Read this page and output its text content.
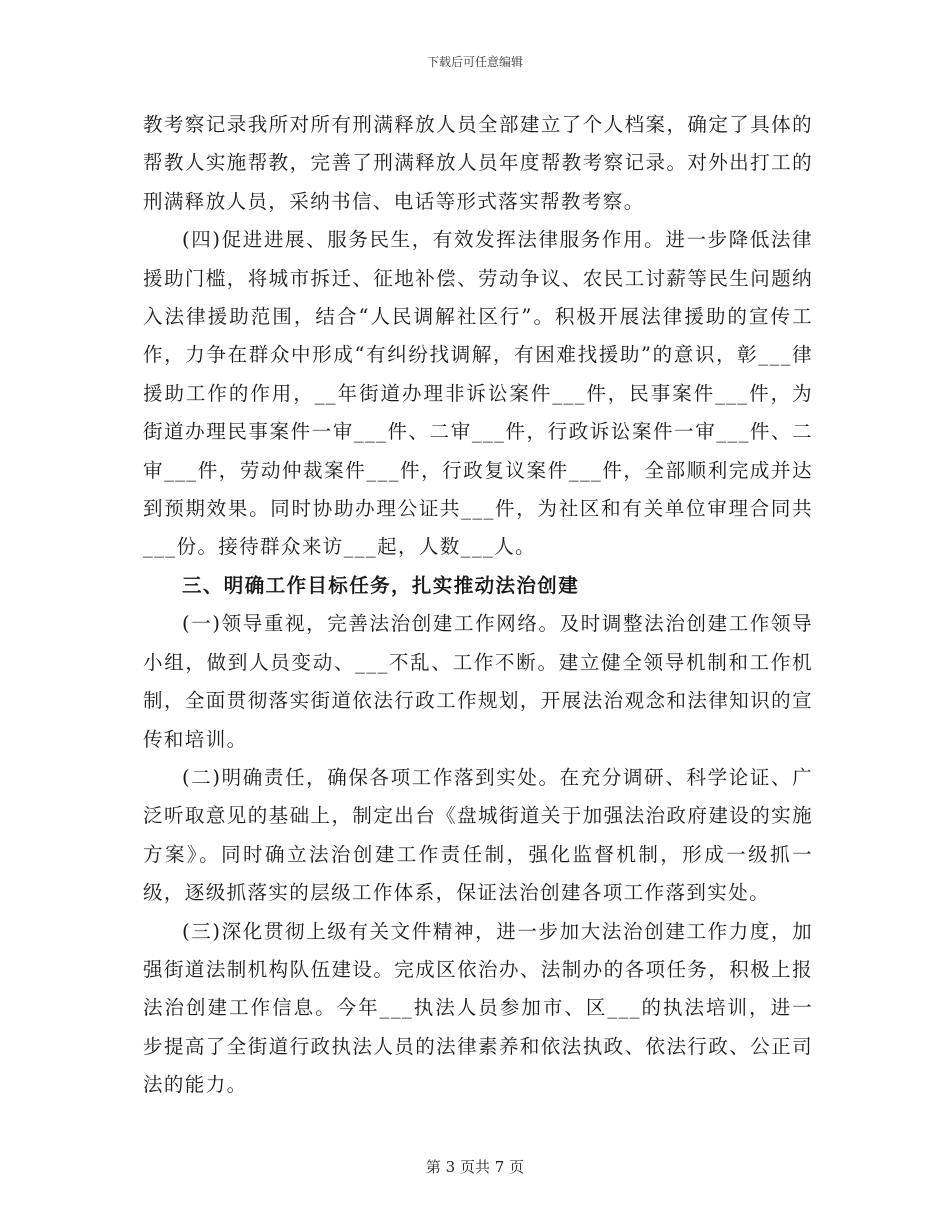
下载后可任意编辑

教考察记录我所对所有刑满释放人员全部建立了个人档案，确定了具体的帮教人实施帮教，完善了刑满释放人员年度帮教考察记录。对外出打工的刑满释放人员，采纳书信、电话等形式落实帮教考察。

(四)促进进展、服务民生，有效发挥法律服务作用。进一步降低法律援助门槛，将城市拆迁、征地补偿、劳动争议、农民工讨薪等民生问题纳入法律援助范围，结合“人民调解社区行”。积极开展法律援助的宣传工作，力争在群众中形成“有纠纷找调解，有困难找援助”的意识，彰___律援助工作的作用，__年街道办理非诉讼案件___件，民事案件___件，为街道办理民事案件一审___件、二审___件，行政诉讼案件一审___件、二审___件，劳动仲裁案件___件，行政复议案件___件，全部顺利完成并达到预期效果。同时协助办理公证共___件，为社区和有关单位审理合同共___份。接待群众来访___起，人数___人。

三、明确工作目标任务，扎实推动法治创建

(一)领导重视，完善法治创建工作网络。及时调整法治创建工作领导小组，做到人员变动、___不乱、工作不断。建立健全领导机制和工作机制，全面贯彻落实街道依法行政工作规划，开展法治观念和法律知识的宣传和培训。

(二)明确责任，确保各项工作落到实处。在充分调研、科学论证、广泛听取意见的基础上，制定出台《盘城街道关于加强法治政府建设的实施方案》。同时确立法治创建工作责任制，强化监督机制，形成一级抓一级，逐级抓落实的层级工作体系，保证法治创建各项工作落到实处。

(三)深化贯彻上级有关文件精神，进一步加大法治创建工作力度，加强街道法制机构队伍建设。完成区依治办、法制办的各项任务，积极上报法治创建工作信息。今年___执法人员参加市、区___的执法培训，进一步提高了全街道行政执法人员的法律素养和依法执政、依法行政、公正司法的能力。

第 3 页共 7 页
